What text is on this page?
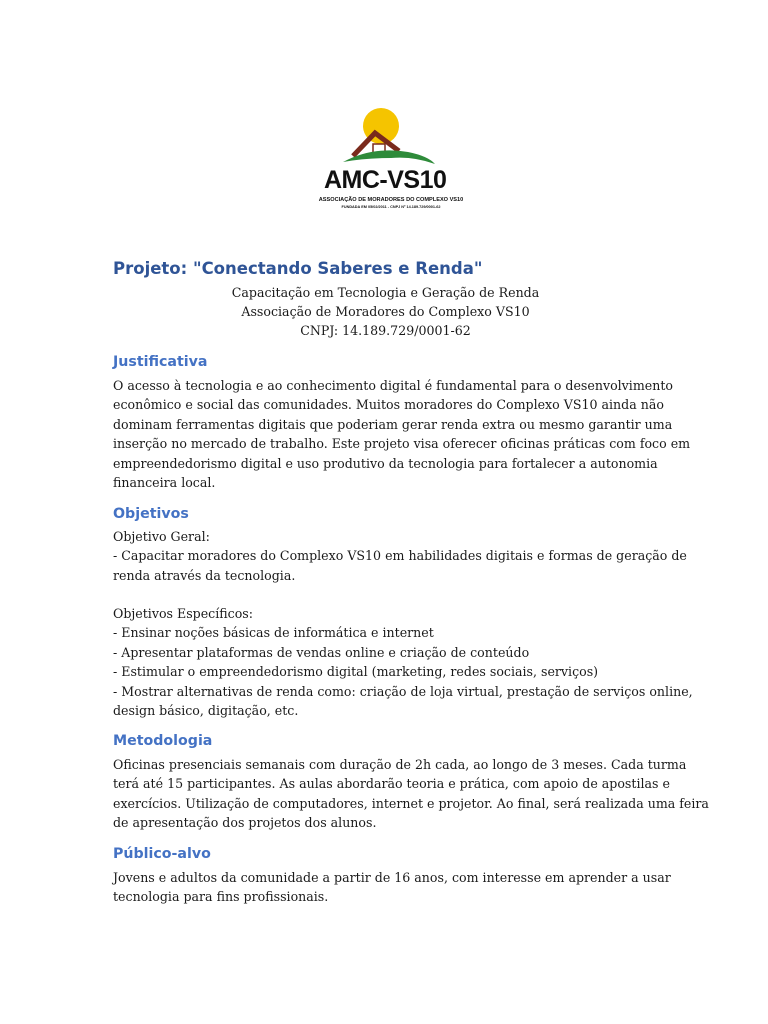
AMC-VS10
ASSOCIAÇÃO DE MORADORES DO COMPLEXO VS10
FUNDADA EM 05/02/2011 - CNPJ Nº 14.189.729/0001-62
Projeto: "Conectando Saberes e Renda"
Capacitação em Tecnologia e Geração de Renda
Associação de Moradores do Complexo VS10
CNPJ: 14.189.729/0001-62
Justificativa

O acesso à tecnologia e ao conhecimento digital é fundamental para o desenvolvimento
econômico e social das comunidades. Muitos moradores do Complexo VS10 ainda não
dominam ferramentas digitais que poderiam gerar renda extra ou mesmo garantir uma
inserção no mercado de trabalho. Este projeto visa oferecer oficinas práticas com foco em
empreendedorismo digital e uso produtivo da tecnologia para fortalecer a autonomia
financeira local.

Objetivos

Objetivo Geral:
- Capacitar moradores do Complexo VS10 em habilidades digitais e formas de geração de
renda através da tecnologia.

Objetivos Específicos:
- Ensinar noções básicas de informática e internet
- Apresentar plataformas de vendas online e criação de conteúdo
- Estimular o empreendedorismo digital (marketing, redes sociais, serviços)
- Mostrar alternativas de renda como: criação de loja virtual, prestação de serviços online,
design básico, digitação, etc.

Metodologia

Oficinas presenciais semanais com duração de 2h cada, ao longo de 3 meses. Cada turma
terá até 15 participantes. As aulas abordarão teoria e prática, com apoio de apostilas e
exercícios. Utilização de computadores, internet e projetor. Ao final, será realizada uma feira
de apresentação dos projetos dos alunos.

Público-alvo

Jovens e adultos da comunidade a partir de 16 anos, com interesse em aprender a usar
tecnologia para fins profissionais.
